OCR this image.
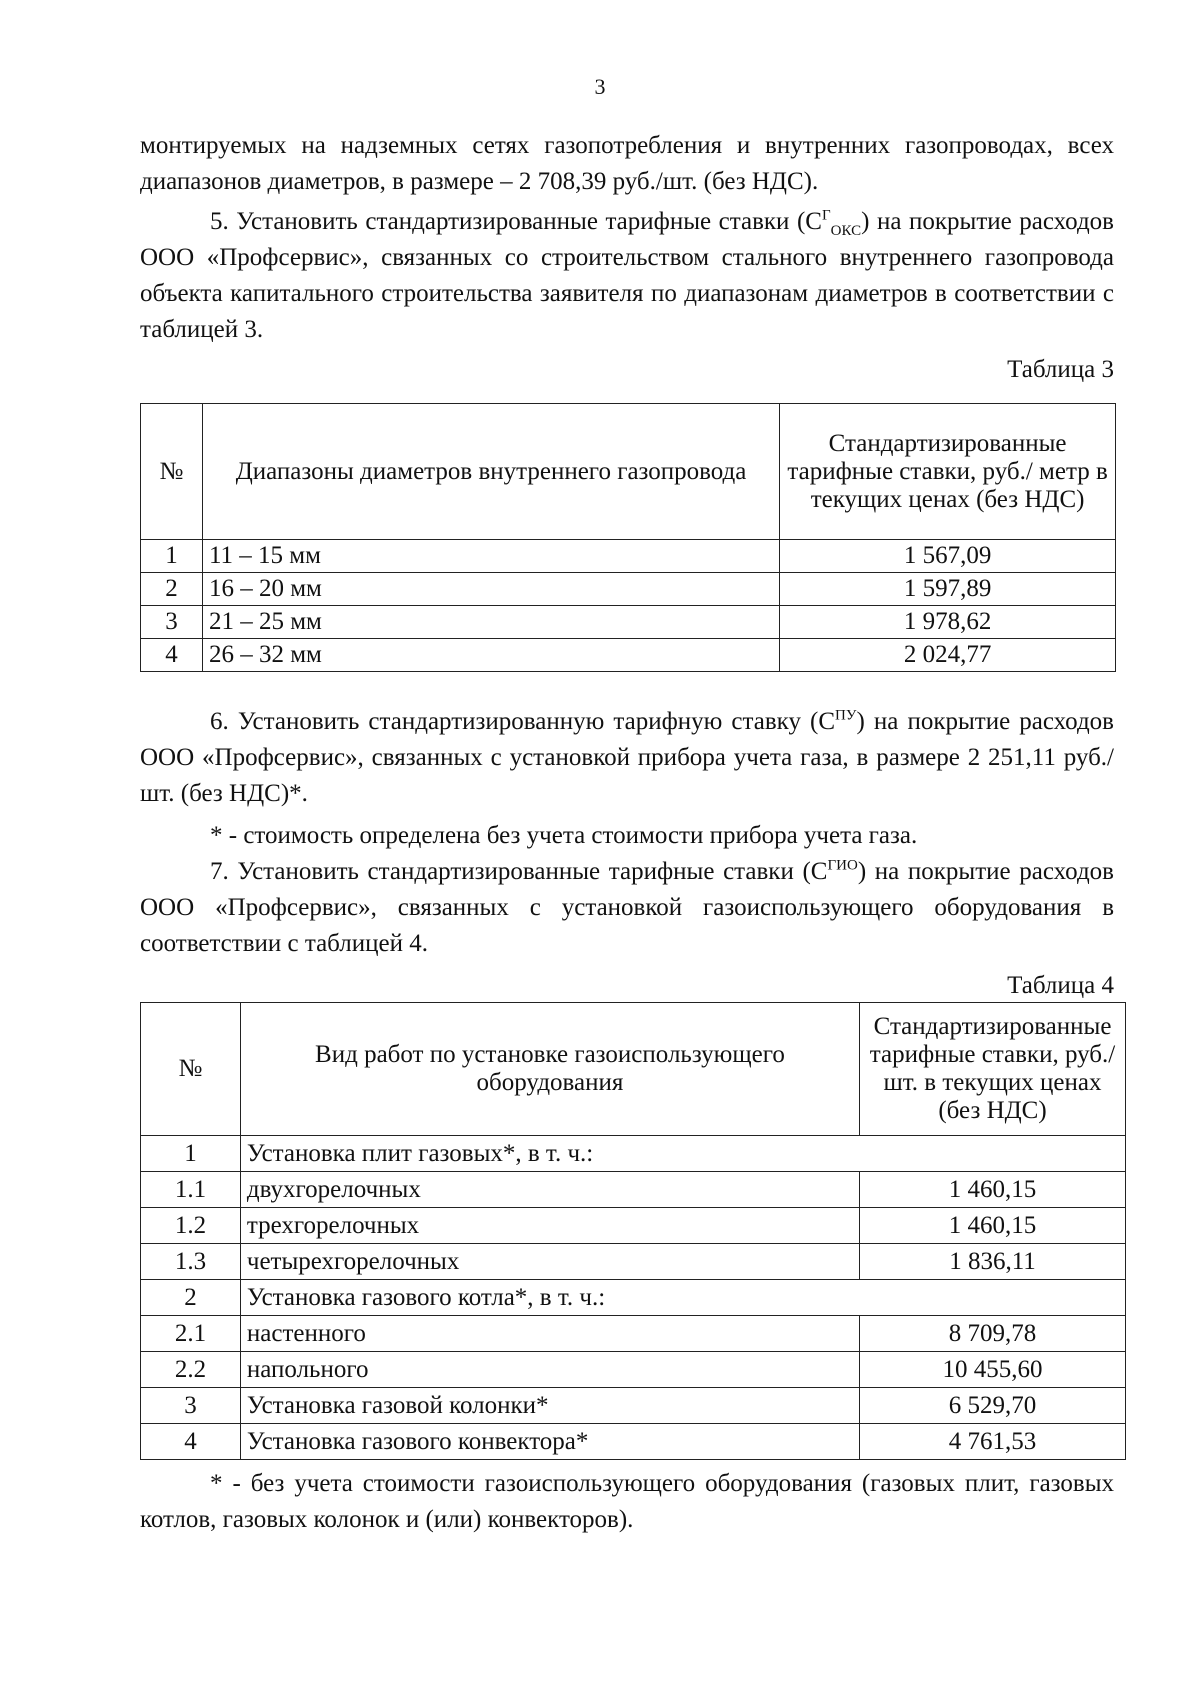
3

монтируемых на надземных сетях газопотребления и внутренних газопроводах, всех диапазонов диаметров, в размере – 2 708,39 руб./шт. (без НДС).

5. Установить стандартизированные тарифные ставки $(С^Г_{ОКС})$ на покрытие расходов ООО «Профсервис», связанных со строительством стального внутреннего газопровода объекта капитального строительства заявителя по диапазонам диаметров в соответствии с таблицей 3.

Таблица 3
№	Диапазоны диаметров внутреннего газопровода	Стандартизированные тарифные ставки, руб./ метр в текущих ценах (без НДС)
1	11 – 15 мм	1 567,09
2	16 – 20 мм	1 597,89
3	21 – 25 мм	1 978,62
4	26 – 32 мм	2 024,77

6. Установить стандартизированную тарифную ставку $(С^{ПУ})$ на покрытие расходов ООО «Профсервис», связанных с установкой прибора учета газа, в размере 2 251,11 руб./шт. (без НДС)*.

* - стоимость определена без учета стоимости прибора учета газа.

7. Установить стандартизированные тарифные ставки $(С^{ГИО})$ на покрытие расходов ООО «Профсервис», связанных с установкой газоиспользующего оборудования в соответствии с таблицей 4.

Таблица 4
№	Вид работ по установке газоиспользующего оборудования	Стандартизированные тарифные ставки, руб./шт. в текущих ценах (без НДС)
1	Установка плит газовых*, в т. ч.:	
1.1	двухгорелочных	1 460,15
1.2	трехгорелочных	1 460,15
1.3	четырехгорелочных	1 836,11
2	Установка газового котла*, в т. ч.:	
2.1	настенного	8 709,78
2.2	напольного	10 455,60
3	Установка газовой колонки*	6 529,70
4	Установка газового конвектора*	4 761,53

* - без учета стоимости газоиспользующего оборудования (газовых плит, газовых котлов, газовых колонок и (или) конвекторов).
